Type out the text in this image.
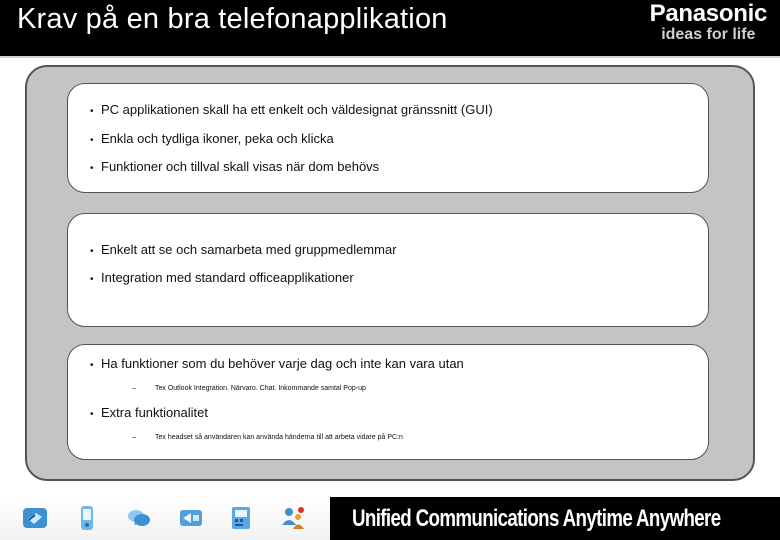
Krav på en bra telefonapplikation	Panasonic
ideas for life
• PC applikationen skall ha ett enkelt och väldesignat gränssnitt (GUI)
• Enkla och tydliga ikoner, peka och klicka
• Funktioner och tillval skall visas när dom behövs
• Enkelt att se och samarbeta med gruppmedlemmar
• Integration med standard officeapplikationer
• Ha funktioner som du behöver varje dag och inte kan vara utan
–	Tex Outlook Integration. Närvaro. Chat. Inkommande samtal Pop-up
• Extra funktionalitet
–	Tex headset så användaren kan använda händerna till att arbeta vidare på PC:n
Unified Communications Anytime Anywhere
